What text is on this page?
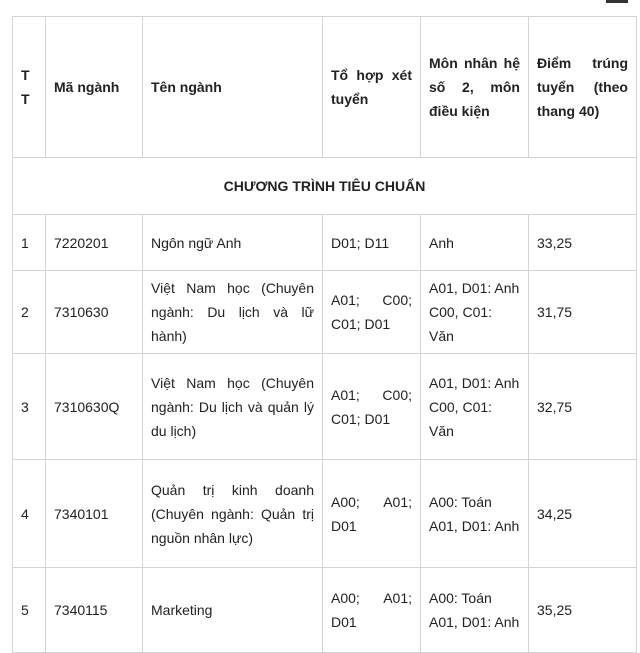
TT	Mã ngành	Tên ngành	Tổ hợp xét tuyển	Môn nhân hệ số 2, môn điều kiện	Điểm trúng tuyển (theo thang 40)
CHƯƠNG TRÌNH TIÊU CHUẨN					
1	7220201	Ngôn ngữ Anh	D01; D11	Anh	33,25
2	7310630	Việt Nam học (Chuyên ngành: Du lịch và lữ hành)	A01; C00; C01; D01	A01, D01: Anh C00, C01: Văn	31,75
3	7310630Q	Việt Nam học (Chuyên ngành: Du lịch và quản lý du lịch)	A01; C00; C01; D01	A01, D01: Anh C00, C01: Văn	32,75
4	7340101	Quản trị kinh doanh (Chuyên ngành: Quản trị nguồn nhân lực)	A00; A01; D01	A00: Toán A01, D01: Anh	34,25
5	7340115	Marketing	A00; A01; D01	A00: Toán A01, D01: Anh	35,25
